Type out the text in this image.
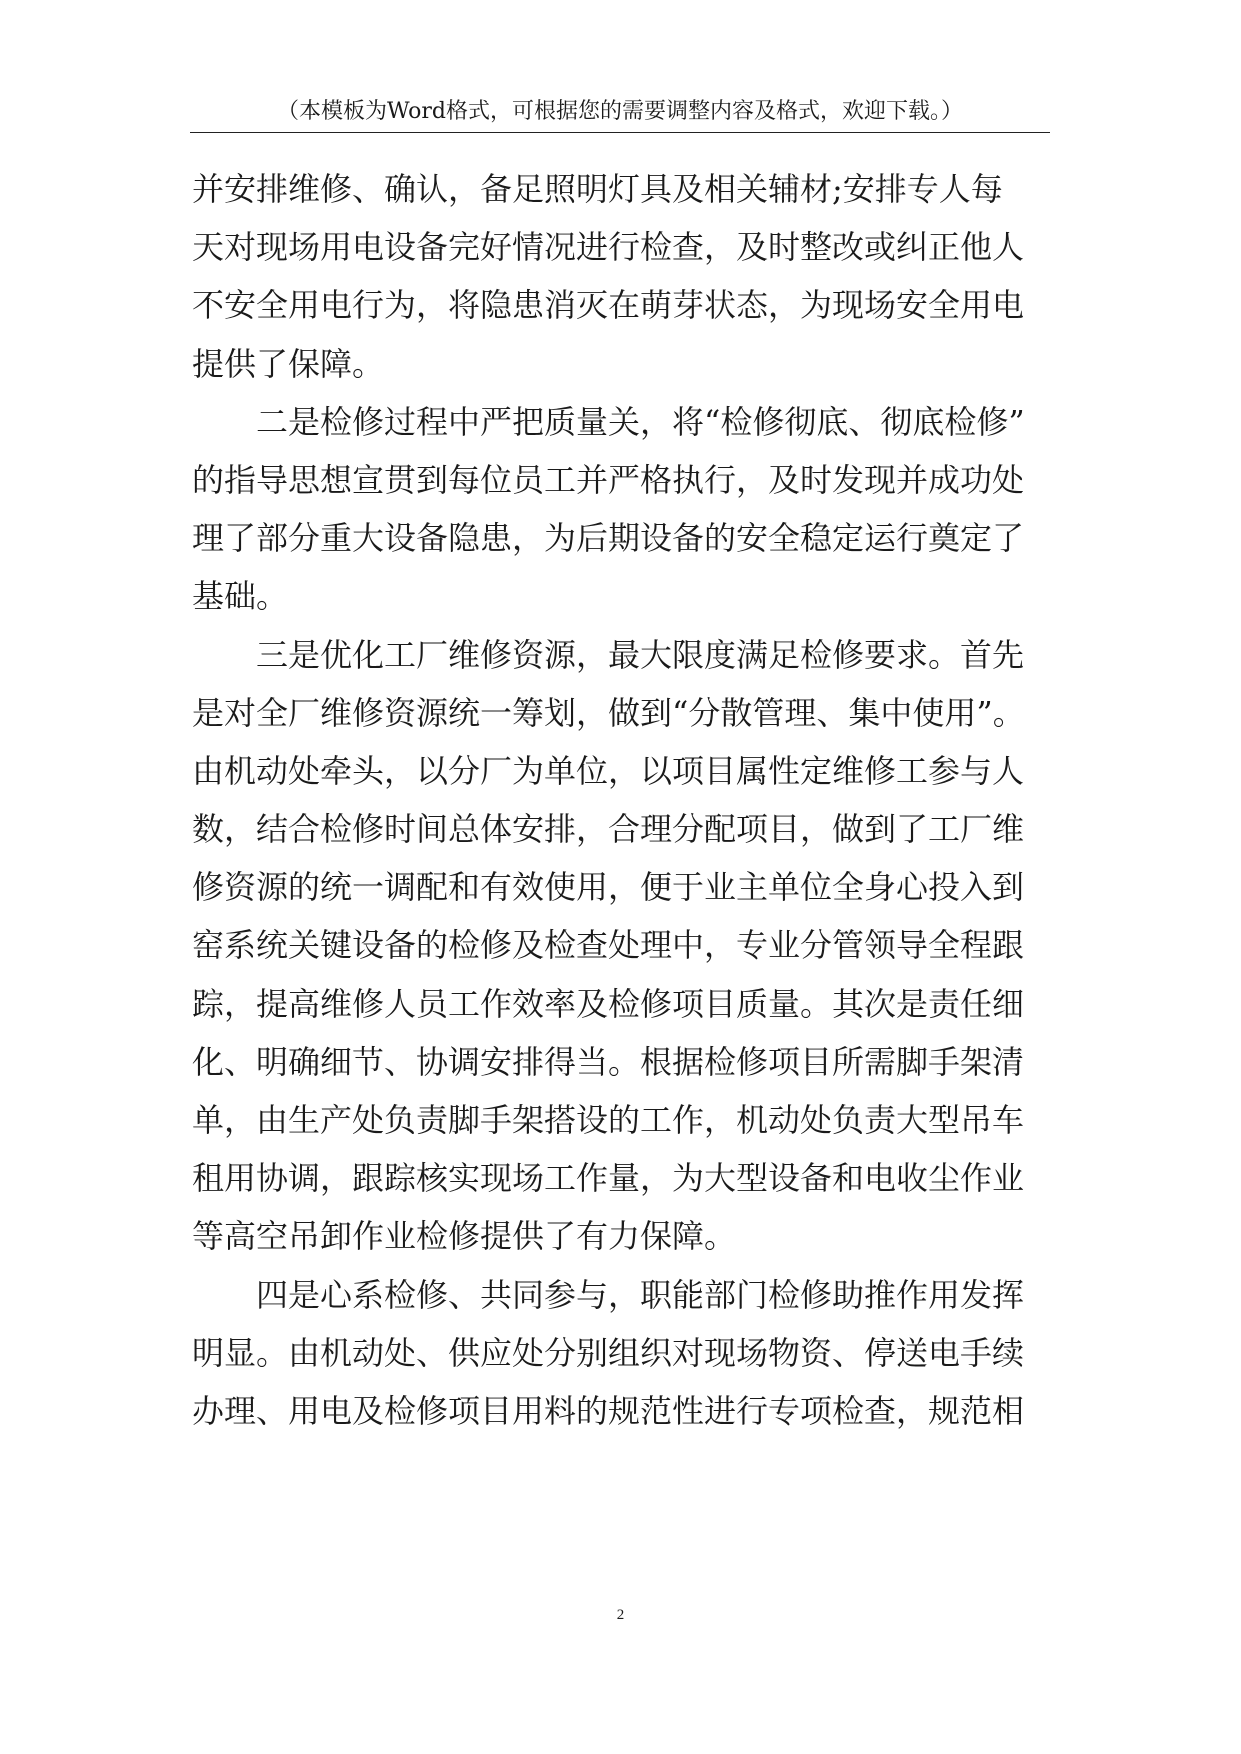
（本模板为Word格式，可根据您的需要调整内容及格式，欢迎下载。）
并安排维修、确认，备足照明灯具及相关辅材;安排专人每
天对现场用电设备完好情况进行检查，及时整改或纠正他人
不安全用电行为，将隐患消灭在萌芽状态，为现场安全用电
提供了保障。
二是检修过程中严把质量关，将“检修彻底、彻底检修”
的指导思想宣贯到每位员工并严格执行，及时发现并成功处
理了部分重大设备隐患，为后期设备的安全稳定运行奠定了
基础。
三是优化工厂维修资源，最大限度满足检修要求。首先
是对全厂维修资源统一筹划，做到“分散管理、集中使用”。
由机动处牵头，以分厂为单位，以项目属性定维修工参与人
数，结合检修时间总体安排，合理分配项目，做到了工厂维
修资源的统一调配和有效使用，便于业主单位全身心投入到
窑系统关键设备的检修及检查处理中，专业分管领导全程跟
踪，提高维修人员工作效率及检修项目质量。其次是责任细
化、明确细节、协调安排得当。根据检修项目所需脚手架清
单，由生产处负责脚手架搭设的工作，机动处负责大型吊车
租用协调，跟踪核实现场工作量，为大型设备和电收尘作业
等高空吊卸作业检修提供了有力保障。
四是心系检修、共同参与，职能部门检修助推作用发挥
明显。由机动处、供应处分别组织对现场物资、停送电手续
办理、用电及检修项目用料的规范性进行专项检查，规范相
2
